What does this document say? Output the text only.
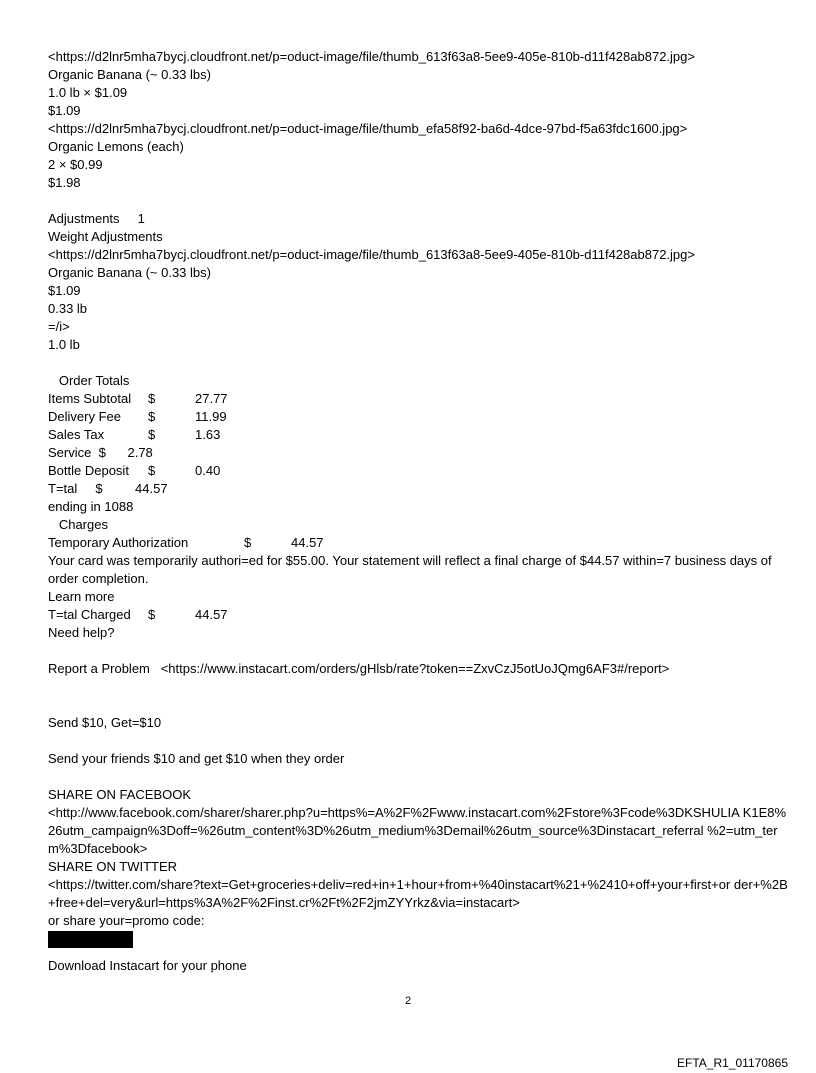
<https://d2lnr5mha7bycj.cloudfront.net/p=oduct-image/file/thumb_613f63a8-5ee9-405e-810b-d11f428ab872.jpg>
Organic Banana (~ 0.33 lbs)
1.0 lb × $1.09
$1.09
<https://d2lnr5mha7bycj.cloudfront.net/p=oduct-image/file/thumb_efa58f92-ba6d-4dce-97bd-f5a63fdc1600.jpg>
Organic Lemons (each)
2 × $0.99
$1.98
Adjustments     1
Weight Adjustments
<https://d2lnr5mha7bycj.cloudfront.net/p=oduct-image/file/thumb_613f63a8-5ee9-405e-810b-d11f428ab872.jpg>
Organic Banana (~ 0.33 lbs)
$1.09
0.33 lb
=/i>
1.0 lb
Order Totals
Items Subtotal	$	27.77
Delivery Fee	$	11.99
Sales Tax	$	1.63
Service  $      2.78
Bottle Deposit	$	0.40
T=tal     $         44.57
ending in 1088
Charges
Temporary Authorization	$	44.57
Your card was temporarily authori=ed for $55.00. Your statement will reflect a final charge of $44.57 within=7 business days of order completion.
Learn more
T=tal Charged	$	44.57
Need help?
Report a Problem   <https://www.instacart.com/orders/gHlsb/rate?token==ZxvCzJ5otUoJQmg6AF3#/report>
Send $10, Get=$10
Send your friends $10 and get $10 when they order
SHARE ON FACEBOOK
<http://www.facebook.com/sharer/sharer.php?u=https%=A%2F%2Fwww.instacart.com%2Fstore%3Fcode%3DKSHULIA K1E8%26utm_campaign%3Doff=%26utm_content%3D%26utm_medium%3Demail%26utm_source%3Dinstacart_referral %2=utm_term%3Dfacebook>
SHARE ON TWITTER
<https://twitter.com/share?text=Get+groceries+deliv=red+in+1+hour+from+%40instacart%21+%2410+off+your+first+or der+%2B+free+del=very&url=https%3A%2F%2Finst.cr%2Ft%2F2jmZYYrkz&via=instacart>
or share your=promo code:
Download Instacart for your phone
2
EFTA_R1_01170865
